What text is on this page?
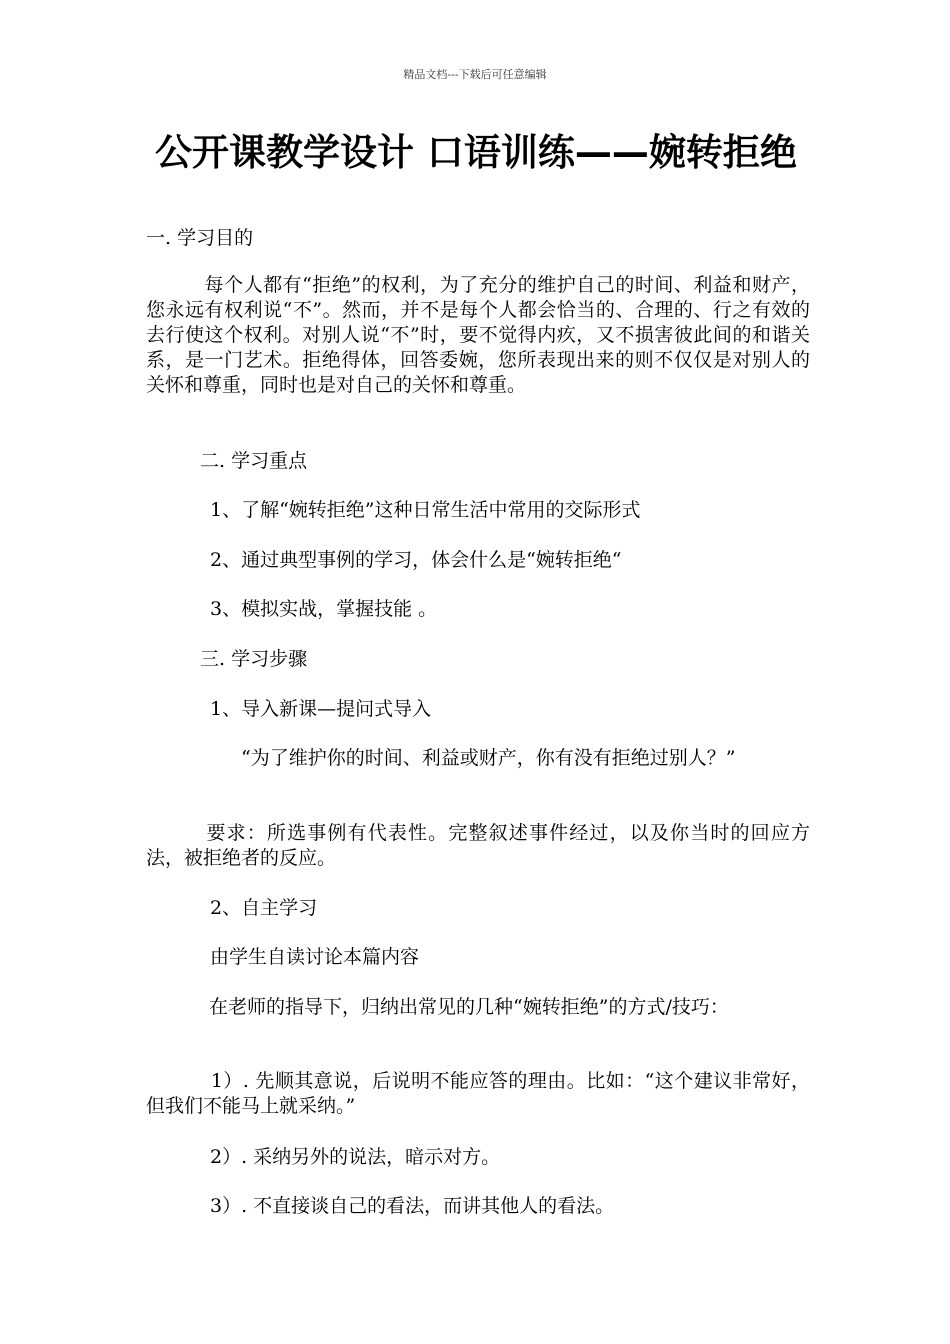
精品文档---下载后可任意编辑
公开课教学设计 口语训练——婉转拒绝
一. 学习目的
　　　每个人都有“拒绝”的权利，为了充分的维护自己的时间、利益和财产，您永远有权利说“不”。然而，并不是每个人都会恰当的、合理的、行之有效的去行使这个权利。对别人说“不”时，要不觉得内疚，又不损害彼此间的和谐关系，是一门艺术。拒绝得体，回答委婉，您所表现出来的则不仅仅是对别人的关怀和尊重，同时也是对自己的关怀和尊重。
二. 学习重点
1、了解“婉转拒绝”这种日常生活中常用的交际形式
2、通过典型事例的学习，体会什么是“婉转拒绝“
3、模拟实战，掌握技能 。
三. 学习步骤
1、导入新课—提问式导入
　　　　　“为了维护你的时间、利益或财产，你有没有拒绝过别人？”
　　　要求：所选事例有代表性。完整叙述事件经过，以及你当时的回应方法，被拒绝者的反应。
2、自主学习
由学生自读讨论本篇内容
　　　 在老师的指导下，归纳出常见的几种“婉转拒绝”的方式/技巧：
　　　 1）. 先顺其意说，后说明不能应答的理由。比如：“这个建议非常好，但我们不能马上就采纳。”
2）. 采纳另外的说法，暗示对方。
3）. 不直接谈自己的看法，而讲其他人的看法。
